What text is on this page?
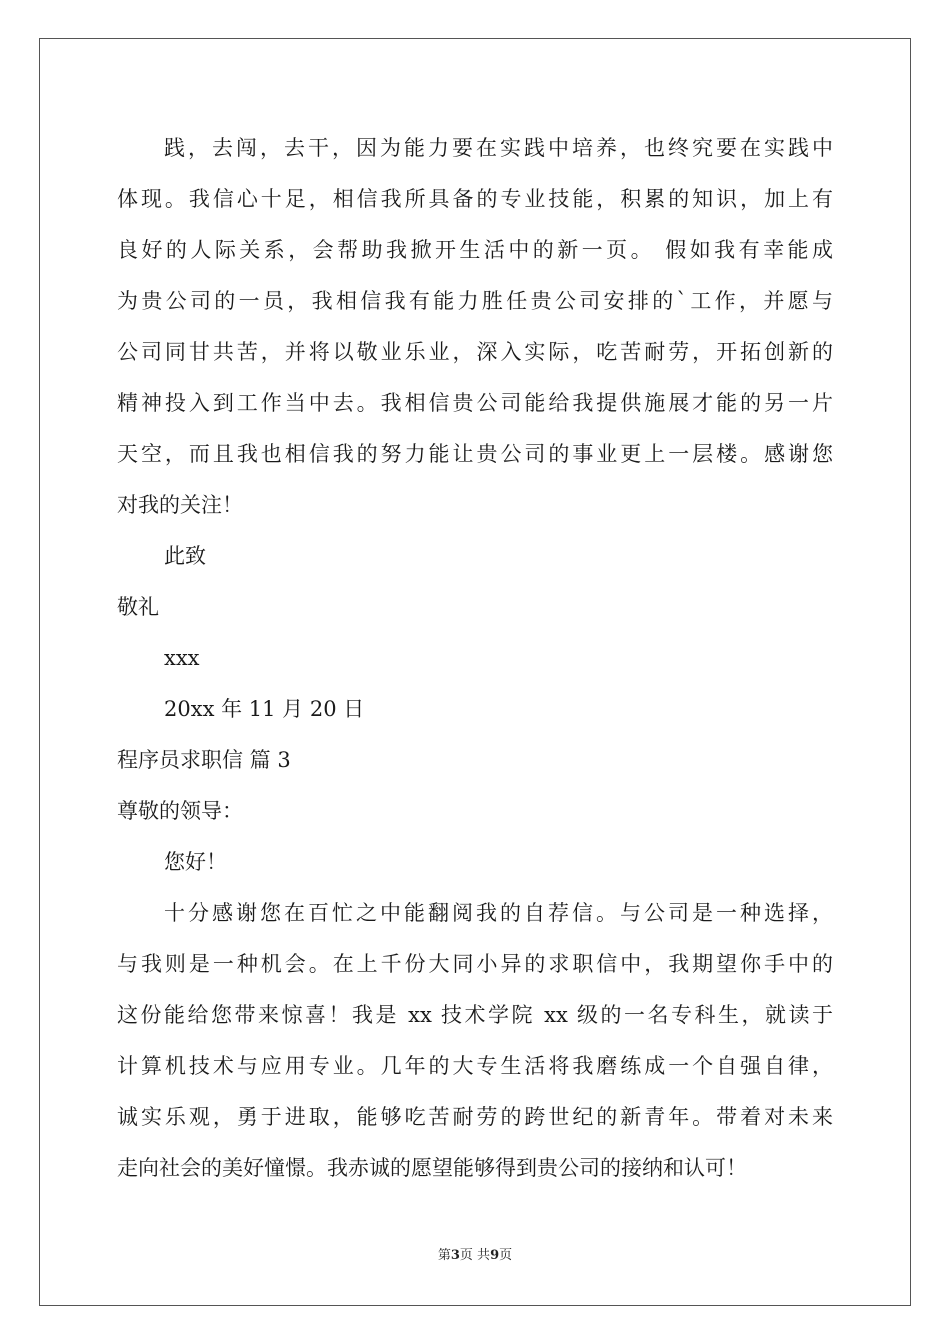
践，去闯，去干，因为能力要在实践中培养，也终究要在实践中
体现。我信心十足，相信我所具备的专业技能，积累的知识，加上有
良好的人际关系，会帮助我掀开生活中的新一页。 假如我有幸能成
为贵公司的一员，我相信我有能力胜任贵公司安排的`工作，并愿与
公司同甘共苦，并将以敬业乐业，深入实际，吃苦耐劳，开拓创新的
精神投入到工作当中去。我相信贵公司能给我提供施展才能的另一片
天空，而且我也相信我的努力能让贵公司的事业更上一层楼。感谢您
对我的关注！
此致
敬礼
xxx
20xx 年 11 月 20 日
程序员求职信 篇 3
尊敬的领导：
您好！
十分感谢您在百忙之中能翻阅我的自荐信。与公司是一种选择，
与我则是一种机会。在上千份大同小异的求职信中，我期望你手中的
这份能给您带来惊喜！我是 xx 技术学院 xx 级的一名专科生，就读于
计算机技术与应用专业。几年的大专生活将我磨练成一个自强自律，
诚实乐观，勇于进取，能够吃苦耐劳的跨世纪的新青年。带着对未来
走向社会的美好憧憬。我赤诚的愿望能够得到贵公司的接纳和认可！
第3页 共9页
